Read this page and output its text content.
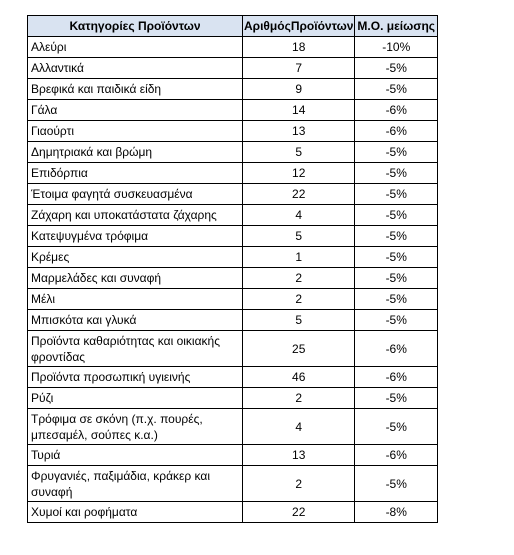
Κατηγορίες Προϊόντων	ΑριθμόςΠροϊόντων	Μ.Ο. μείωσης
Αλεύρι	18	-10%
Αλλαντικά	7	-5%
Βρεφικά και παιδικά είδη	9	-5%
Γάλα	14	-6%
Γιαούρτι	13	-6%
Δημητριακά και βρώμη	5	-5%
Επιδόρπια	12	-5%
Έτοιμα φαγητά συσκευασμένα	22	-5%
Ζάχαρη και υποκατάστατα ζάχαρης	4	-5%
Κατεψυγμένα τρόφιμα	5	-5%
Κρέμες	1	-5%
Μαρμελάδες και συναφή	2	-5%
Μέλι	2	-5%
Μπισκότα και γλυκά	5	-5%
Προϊόντα καθαριότητας και οικιακής φροντίδας	25	-6%
Προϊόντα προσωπική υγιεινής	46	-6%
Ρύζι	2	-5%
Τρόφιμα σε σκόνη (π.χ. πουρές, μπεσαμέλ, σούπες κ.α.)	4	-5%
Τυριά	13	-6%
Φρυγανιές, παξιμάδια, κράκερ και συναφή	2	-5%
Χυμοί και ροφήματα	22	-8%
